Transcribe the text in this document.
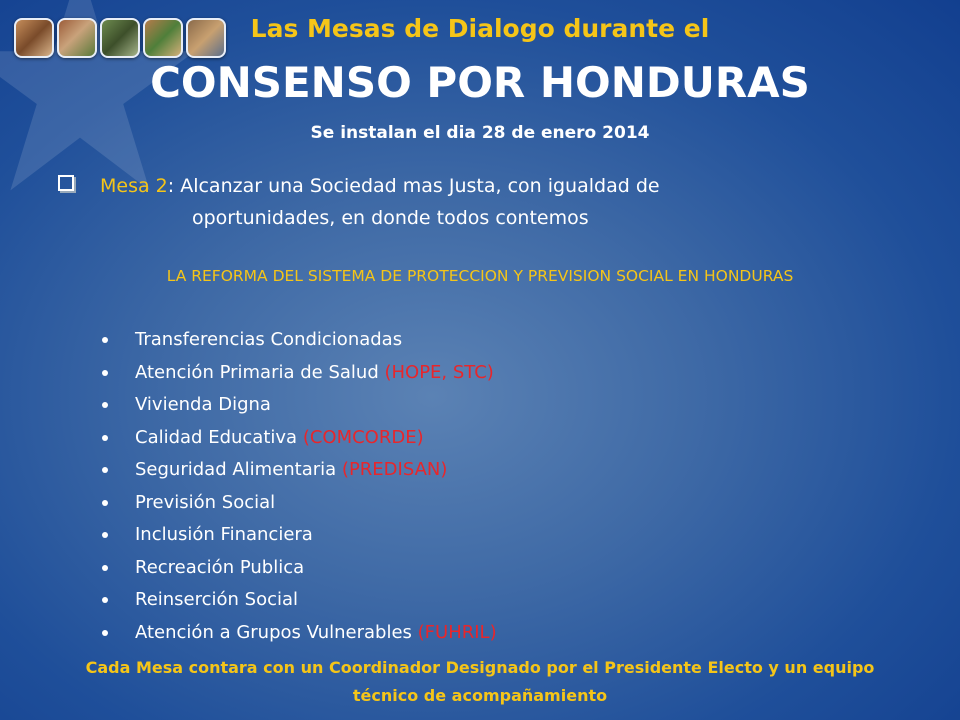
Las Mesas de Dialogo durante el
CONSENSO POR HONDURAS
Se instalan el dia 28 de enero 2014
Mesa 2: Alcanzar una Sociedad mas Justa, con igualdad de
oportunidades, en donde todos contemos
LA REFORMA DEL SISTEMA DE PROTECCION Y PREVISION SOCIAL EN HONDURAS
Transferencias Condicionadas
Atención Primaria de Salud (HOPE, STC)
Vivienda Digna
Calidad Educativa (COMCORDE)
Seguridad Alimentaria (PREDISAN)
Previsión Social
Inclusión Financiera
Recreación Publica
Reinserción Social
Atención a Grupos Vulnerables (FUHRIL)
Cada Mesa contara con un Coordinador Designado por el Presidente Electo y un equipo
técnico de acompañamiento
